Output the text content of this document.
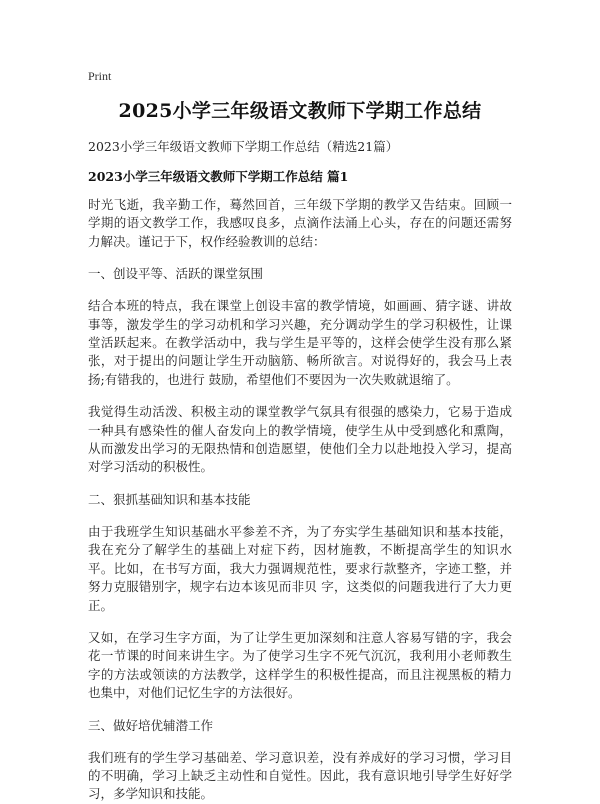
Print
2025小学三年级语文教师下学期工作总结
2023小学三年级语文教师下学期工作总结（精选21篇）
2023小学三年级语文教师下学期工作总结 篇1
时光飞逝，我辛勤工作，蓦然回首，三年级下学期的教学又告结束。回顾一学期的语文教学工作，我感叹良多，点滴作法涌上心头，存在的问题还需努力解决。谨记于下，权作经验教训的总结：
一、创设平等、活跃的课堂氛围
结合本班的特点，我在课堂上创设丰富的教学情境，如画画、猜字谜、讲故事等，激发学生的学习动机和学习兴趣，充分调动学生的学习积极性，让课堂活跃起来。在教学活动中，我与学生是平等的，这样会使学生没有那么紧张，对于提出的问题让学生开动脑筋、畅所欲言。对说得好的，我会马上表扬;有错我的，也进行 鼓励，希望他们不要因为一次失败就退缩了。
我觉得生动活泼、积极主动的课堂教学气氛具有很强的感染力，它易于造成一种具有感染性的催人奋发向上的教学情境，使学生从中受到感化和熏陶，从而激发出学习的无限热情和创造愿望，使他们全力以赴地投入学习，提高对学习活动的积极性。
二、狠抓基础知识和基本技能
由于我班学生知识基础水平参差不齐，为了夯实学生基础知识和基本技能，我在充分了解学生的基础上对症下药，因材施教，不断提高学生的知识水平。比如，在书写方面，我大力强调规范性，要求行款整齐，字迹工整，并努力克服错别字，规字右边本该见而非贝 字，这类似的问题我进行了大力更正。
又如，在学习生字方面，为了让学生更加深刻和注意人容易写错的字，我会花一节课的时间来讲生字。为了使学习生字不死气沉沉，我利用小老师教生字的方法或领读的方法教学，这样学生的积极性提高，而且注视黑板的精力也集中，对他们记忆生字的方法很好。
三、做好培优辅潜工作
我们班有的学生学习基础差、学习意识差，没有养成好的学习习惯，学习目的不明确，学习上缺乏主动性和自觉性。因此，我有意识地引导学生好好学习，多学知识和技能。
